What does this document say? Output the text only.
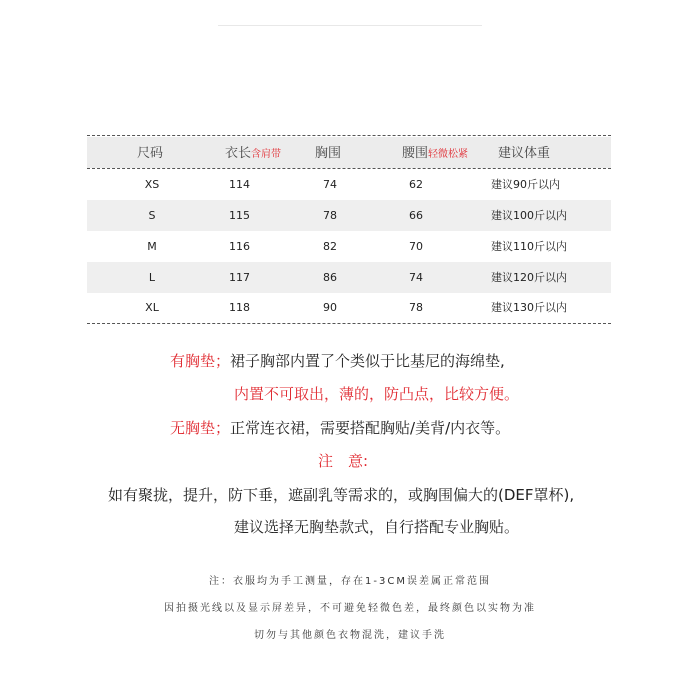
尺码	衣长含肩带	胸围	腰围轻微松紧	建议体重
XS	114	74	62	建议90斤以内
S	115	78	66	建议100斤以内
M	116	82	70	建议110斤以内
L	117	86	74	建议120斤以内
XL	118	90	78	建议130斤以内
有胸垫；裙子胸部内置了个类似于比基尼的海绵垫,
内置不可取出，薄的，防凸点，比较方便。
无胸垫；正常连衣裙，需要搭配胸贴/美背/内衣等。
注　意:
如有聚拢，提升，防下垂，遮副乳等需求的，或胸围偏大的(DEF罩杯),
建议选择无胸垫款式，自行搭配专业胸贴。
注：衣服均为手工测量，存在1-3CM误差属正常范围
因拍摄光线以及显示屏差异，不可避免轻微色差，最终颜色以实物为准
切勿与其他颜色衣物混洗，建议手洗
